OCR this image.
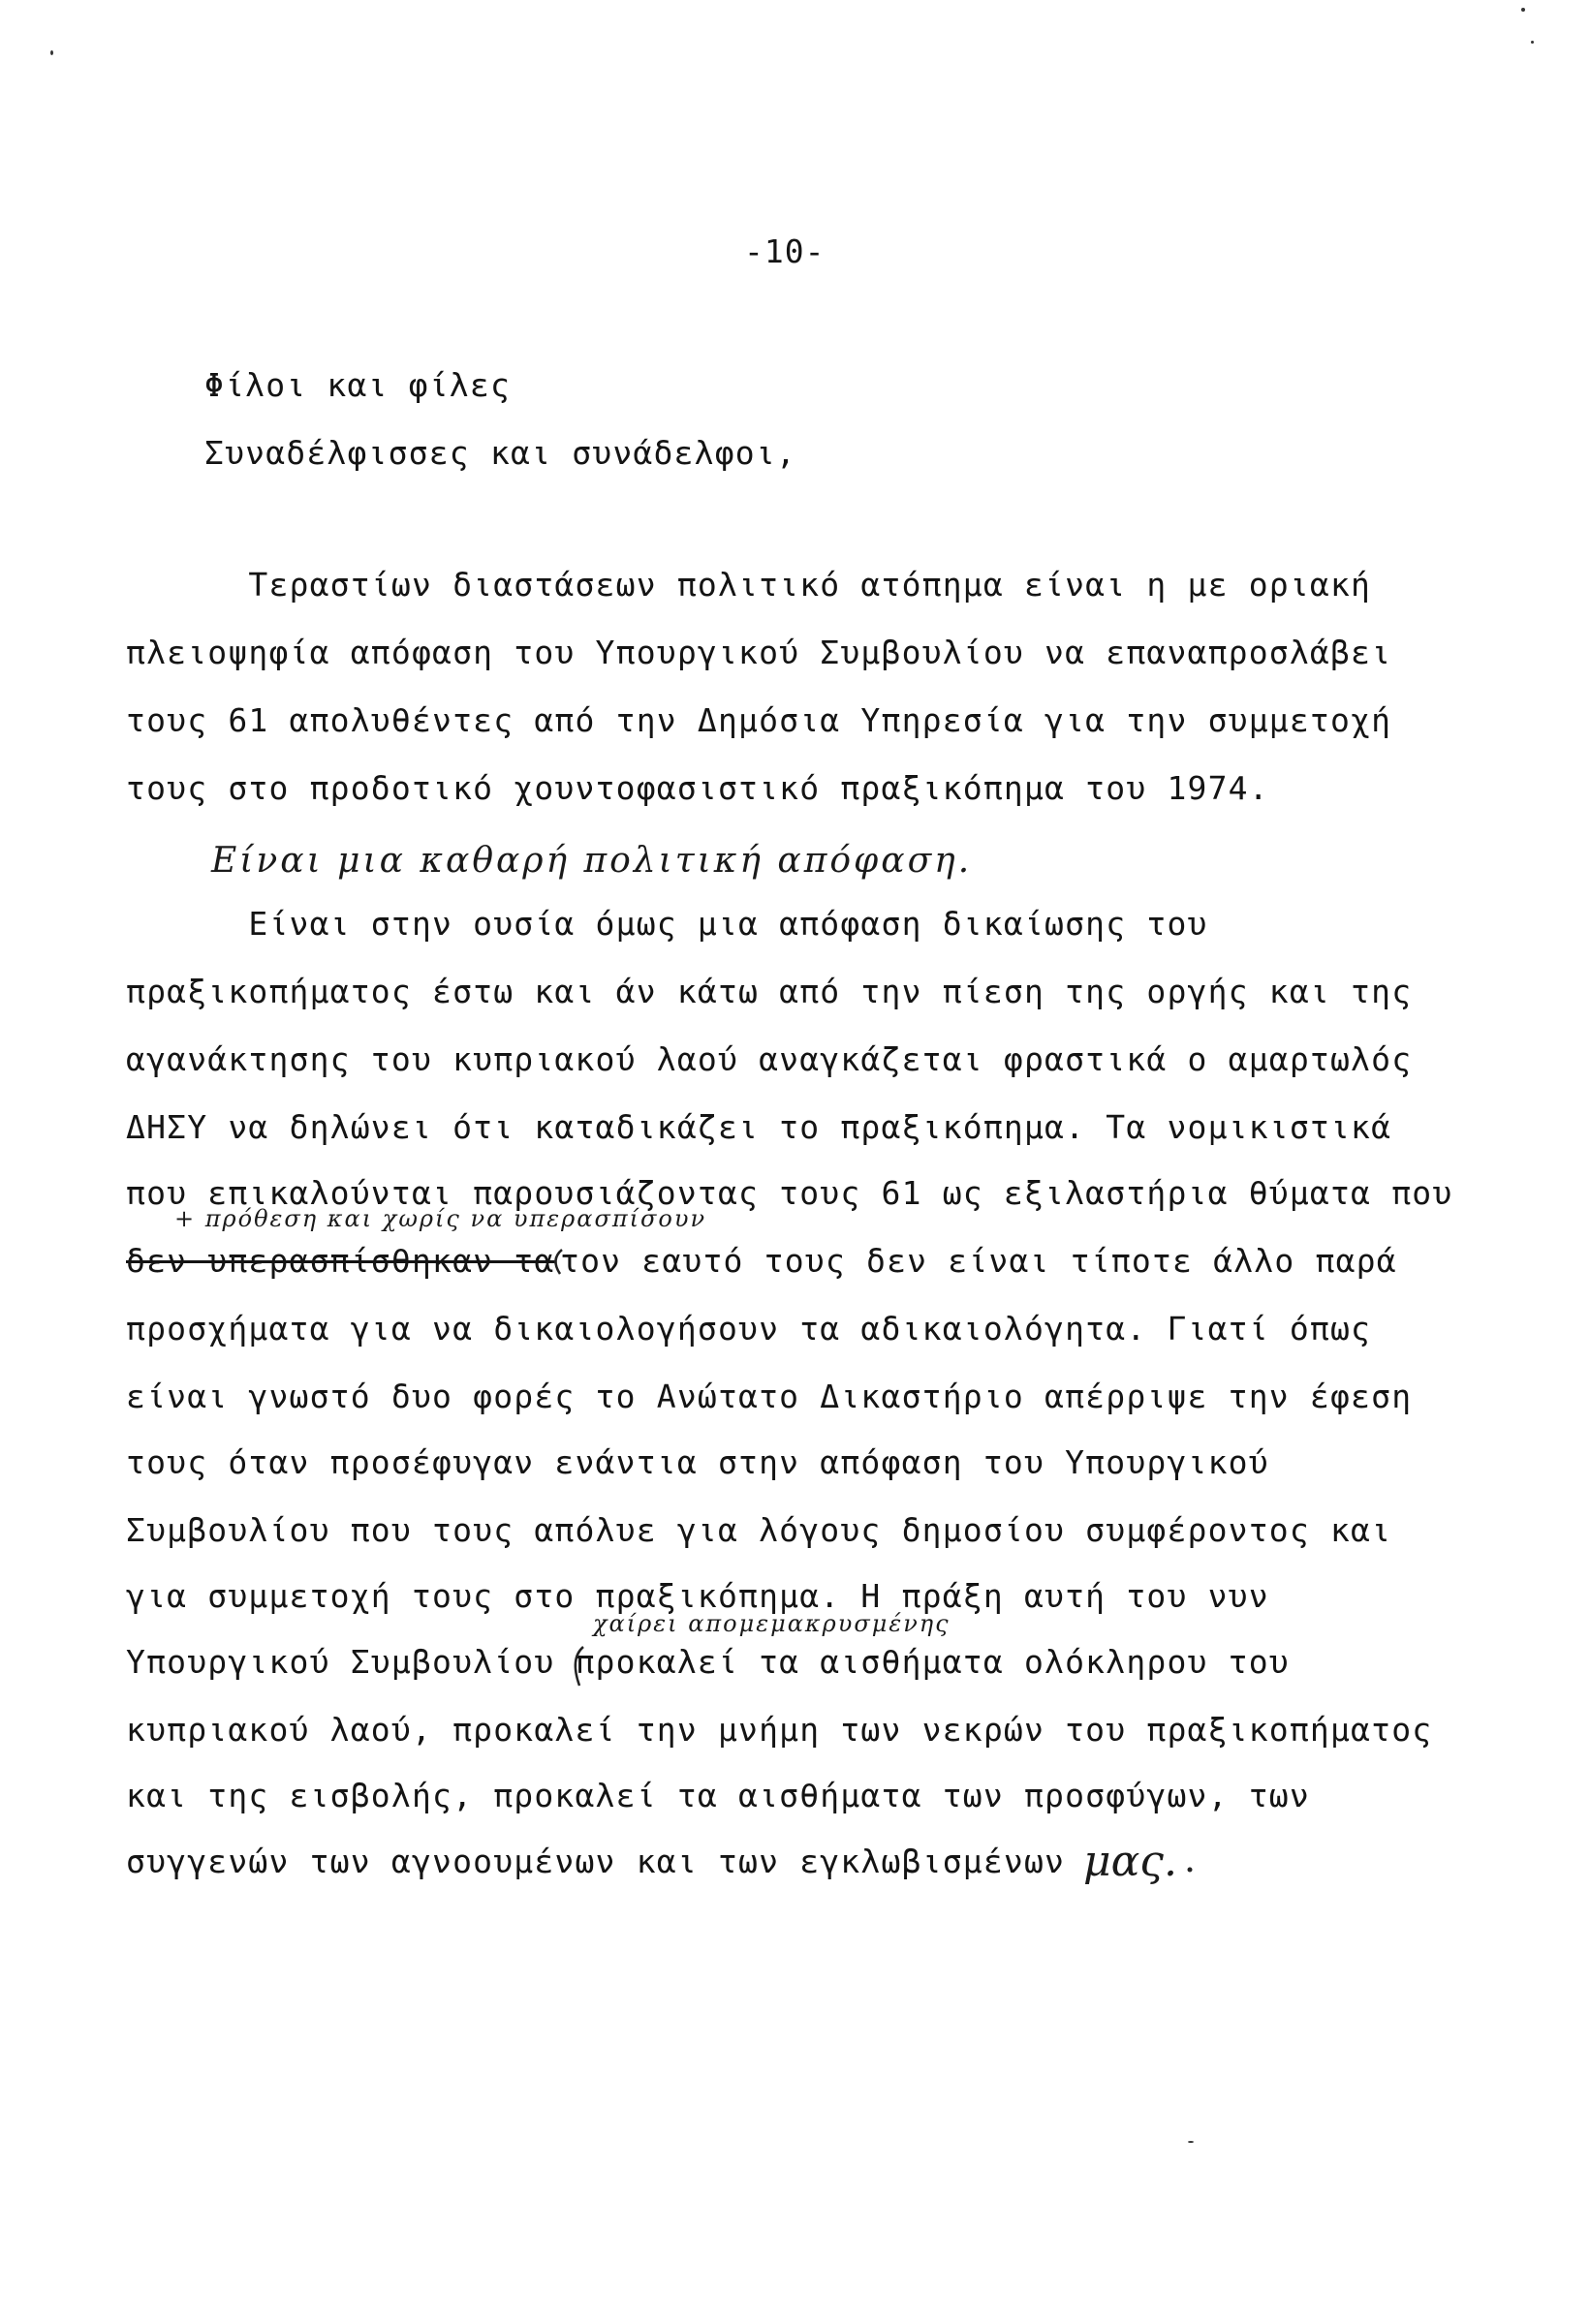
-10-
Φίλοι και φίλες
Συναδέλφισσες και συνάδελφοι,
Τεραστίων διαστάσεων πολιτικό ατόπημα είναι η με οριακή
πλειοψηφία απόφαση του Υπουργικού Συμβουλίου να επαναπροσλάβει
τους 61 απολυθέντες από την Δημόσια Υπηρεσία για την συμμετοχή
τους στο προδοτικό χουντοφασιστικό πραξικόπημα του 1974.
Είναι μια καθαρή πολιτική απόφαση.
Είναι στην ουσία όμως μια απόφαση δικαίωσης του
πραξικοπήματος έστω και άν κάτω από την πίεση της οργής και της
αγανάκτησης του κυπριακού λαού αναγκάζεται φραστικά ο αμαρτωλός
ΔΗΣΥ να δηλώνει ότι καταδικάζει το πραξικόπημα. Τα νομικιστικά
που επικαλούνται παρουσιάζοντας τους 61 ως εξιλαστήρια θύματα που
+ πρόθεση και χωρίς να υπερασπίσουν
δεν υπερασπίσθηκαν τα τον εαυτό τους δεν είναι τίποτε άλλο παρά
προσχήματα για να δικαιολογήσουν τα αδικαιολόγητα. Γιατί όπως
είναι γνωστό δυο φορές το Ανώτατο Δικαστήριο απέρριψε την έφεση
τους όταν προσέφυγαν ενάντια στην απόφαση του Υπουργικού
Συμβουλίου που τους απόλυε για λόγους δημοσίου συμφέροντος και
για συμμετοχή τους στο πραξικόπημα. Η πράξη αυτή του νυν
χαίρει απομεμακρυσμένης
Υπουργικού Συμβουλίου προκαλεί τα αισθήματα ολόκληρου του
κυπριακού λαού, προκαλεί την μνήμη των νεκρών του πραξικοπήματος
και της εισβολής, προκαλεί τα αισθήματα των προσφύγων, των
συγγενών των αγνοουμένων και των εγκλωβισμένων μας.
